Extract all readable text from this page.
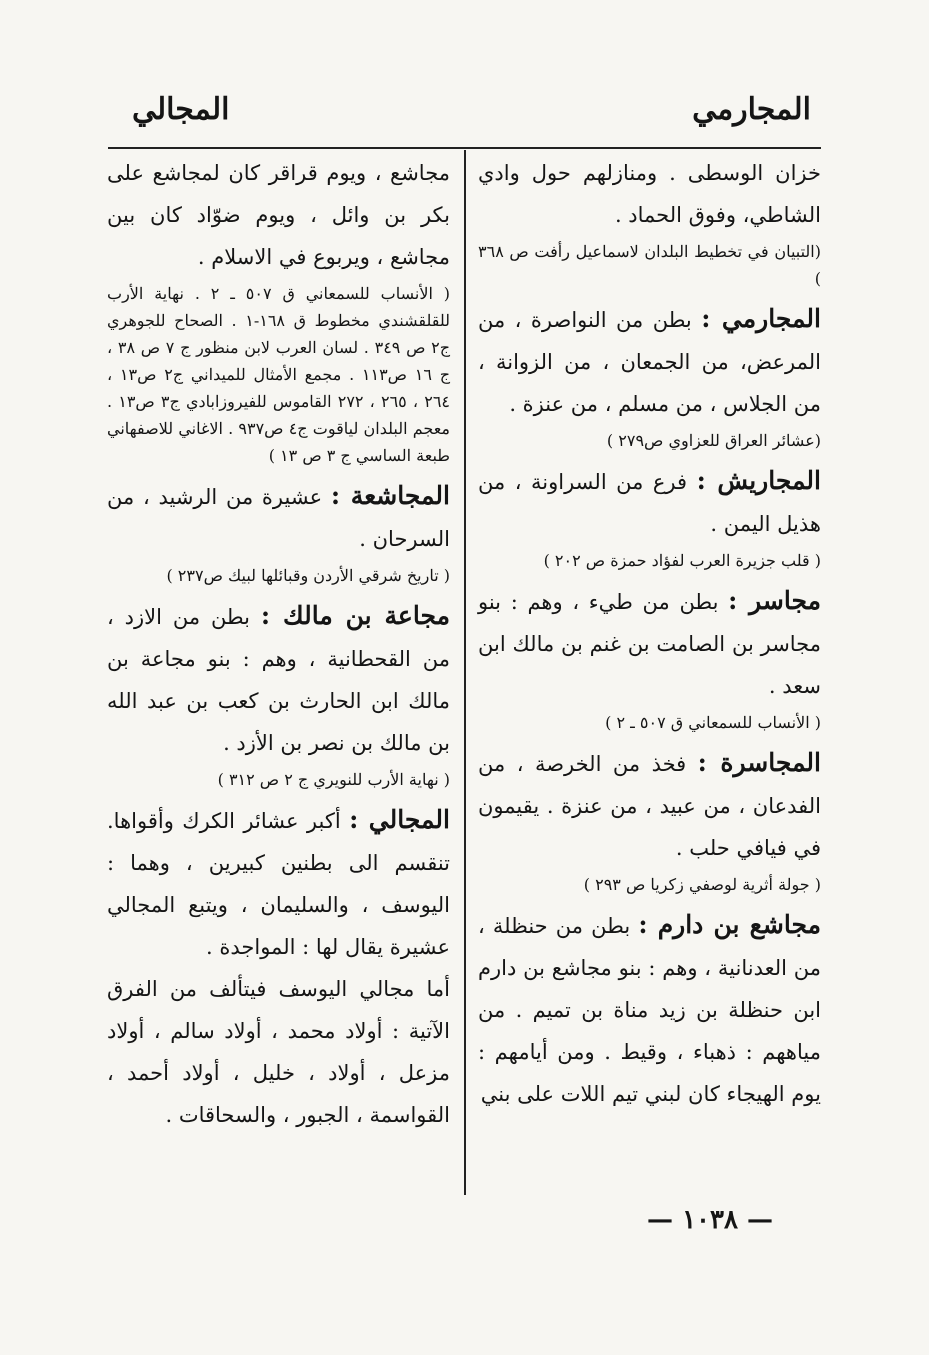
المجارمي
المجالي

خزان الوسطى . ومنازلهم حول وادي الشاطي، وفوق الحماد .

(التبيان في تخطيط البلدان لاسماعيل رأفت ص ٣٦٨ )

المجارمي : بطن من النواصرة ، من المرعض، من الجمعان ، من الزوانة ، من الجلاس ، من مسلم ، من عنزة .

(عشائر العراق للعزاوي ص٢٧٩ )

المجاريش : فرع من السراونة ، من هذيل اليمن .

( قلب جزيرة العرب لفؤاد حمزة ص ٢٠٢ )

مجاسر : بطن من طيء ، وهم : بنو مجاسر بن الصامت بن غنم بن مالك ابن سعد .

( الأنساب للسمعاني ق ٥٠٧ ـ ٢ )

المجاسرة : فخذ من الخرصة ، من الفدعان ، من عبيد ، من عنزة . يقيمون في فيافي حلب .

( جولة أثرية لوصفي زكريا ص ٢٩٣ )

مجاشع بن دارم : بطن من حنظلة ، من العدنانية ، وهم : بنو مجاشع بن دارم ابن حنظلة بن زيد مناة بن تميم . من مياههم : ذهباء ، وقيط . ومن أيامهم : يوم الهيجاء كان لبني تيم اللات على بني

مجاشع ، ويوم قراقر كان لمجاشع على بكر بن وائل ، ويوم ضوّاد كان بين مجاشع ، ويربوع في الاسلام .

( الأنساب للسمعاني ق ٥٠٧ ـ ٢ . نهاية الأرب للقلقشندي مخطوط ق ١٦٨-١ . الصحاح للجوهري ج٢ ص ٣٤٩ . لسان العرب لابن منظور ج ٧ ص ٣٨ ، ج ١٦ ص١١٣ . مجمع الأمثال للميداني ج٢ ص١٣ ، ٢٦٤ ، ٢٦٥ ، ٢٧٢ القاموس للفيروزابادي ج٣ ص١٣ . معجم البلدان لياقوت ج٤ ص٩٣٧ . الاغاني للاصفهاني طبعة الساسي ج ٣ ص ١٣ )

المجاشعة : عشيرة من الرشيد ، من السرحان .

( تاريخ شرقي الأردن وقبائلها لبيك ص٢٣٧ )

مجاعة بن مالك : بطن من الازد ، من القحطانية ، وهم : بنو مجاعة بن مالك ابن الحارث بن كعب بن عبد الله بن مالك بن نصر بن الأزد .

( نهاية الأرب للنويري ج ٢ ص ٣١٢ )

المجالي : أكبر عشائر الكرك وأقواها. تنقسم الى بطنين كبيرين ، وهما : اليوسف ، والسليمان ، ويتبع المجالي عشيرة يقال لها : المواجدة .

أما مجالي اليوسف فيتألف من الفرق الآتية : أولاد محمد ، أولاد سالم ، أولاد مزعل ، أولاد ، خليل ، أولاد أحمد ، القواسمة ، الجبور ، والسحاقات .

— ١٠٣٨ —
